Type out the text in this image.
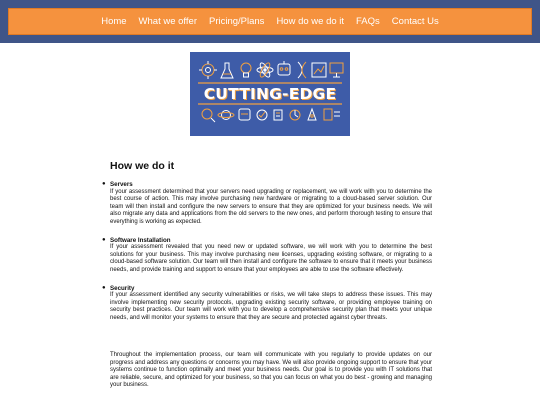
Home	What we offer	Pricing/Plans	How do we do it	FAQs	Contact Us
CUTTING-EDGE
How we do it
● Servers

If your assessment determined that your servers need upgrading or replacement, we will work with you to determine the best course of action. This may involve purchasing new hardware or migrating to a cloud-based server solution. Our team will then install and configure the new servers to ensure that they are optimized for your business needs. We will also migrate any data and applications from the old servers to the new ones, and perform thorough testing to ensure that everything is working as expected.

● Software Installation

If your assessment revealed that you need new or updated software, we will work with you to determine the best solutions for your business. This may involve purchasing new licenses, upgrading existing software, or migrating to a cloud-based software solution. Our team will then install and configure the software to ensure that it meets your business needs, and provide training and support to ensure that your employees are able to use the software effectively.

● Security

If your assessment identified any security vulnerabilities or risks, we will take steps to address these issues. This may involve implementing new security protocols, upgrading existing security software, or providing employee training on security best practices. Our team will work with you to develop a comprehensive security plan that meets your unique needs, and will monitor your systems to ensure that they are secure and protected against cyber threats.

Throughout the implementation process, our team will communicate with you regularly to provide updates on our progress and address any questions or concerns you may have. We will also provide ongoing support to ensure that your systems continue to function optimally and meet your business needs. Our goal is to provide you with IT solutions that are reliable, secure, and optimized for your business, so that you can focus on what you do best - growing and managing your business.
